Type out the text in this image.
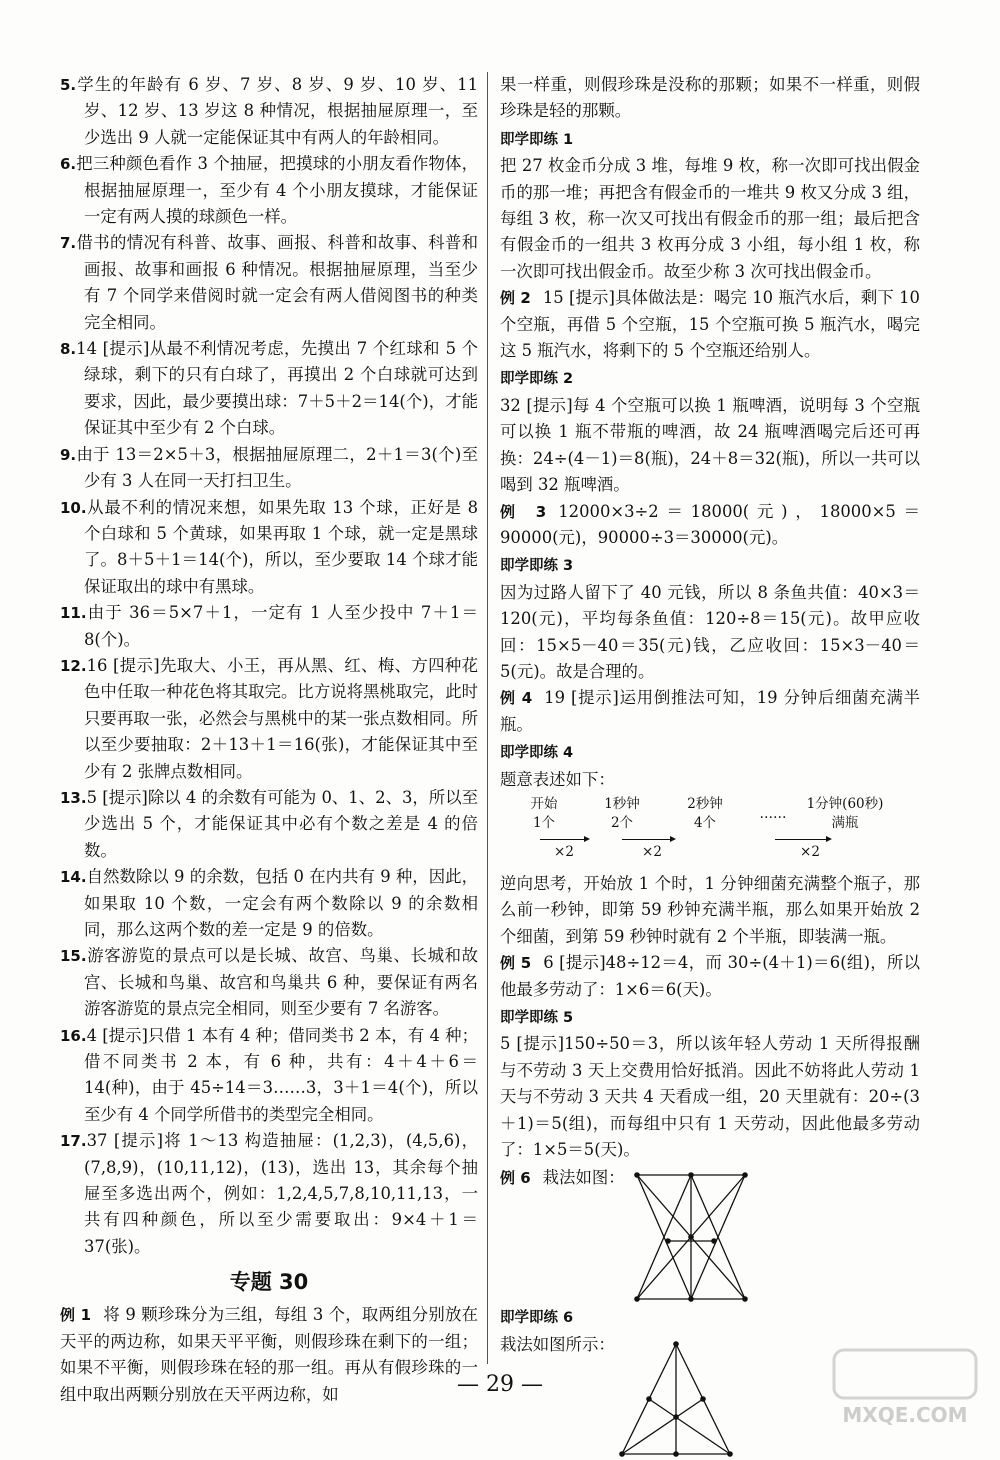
5.学生的年龄有 6 岁、7 岁、8 岁、9 岁、10 岁、11 岁、12 岁、13 岁这 8 种情况，根据抽屉原理一，至少选出 9 人就一定能保证其中有两人的年龄相同。

6.把三种颜色看作 3 个抽屉，把摸球的小朋友看作物体，根据抽屉原理一，至少有 4 个小朋友摸球，才能保证一定有两人摸的球颜色一样。

7.借书的情况有科普、故事、画报、科普和故事、科普和画报、故事和画报 6 种情况。根据抽屉原理，当至少有 7 个同学来借阅时就一定会有两人借阅图书的种类完全相同。

8.14 [提示]从最不利情况考虑，先摸出 7 个红球和 5 个绿球，剩下的只有白球了，再摸出 2 个白球就可达到要求，因此，最少要摸出球：7＋5＋2＝14(个)，才能保证其中至少有 2 个白球。

9.由于 13＝2×5＋3，根据抽屉原理二，2＋1＝3(个)至少有 3 人在同一天打扫卫生。

10.从最不利的情况来想，如果先取 13 个球，正好是 8 个白球和 5 个黄球，如果再取 1 个球，就一定是黑球了。8＋5＋1＝14(个)，所以，至少要取 14 个球才能保证取出的球中有黑球。

11.由于 36＝5×7＋1，一定有 1 人至少投中 7＋1＝8(个)。

12.16 [提示]先取大、小王，再从黑、红、梅、方四种花色中任取一种花色将其取完。比方说将黑桃取完，此时只要再取一张，必然会与黑桃中的某一张点数相同。所以至少要抽取：2＋13＋1＝16(张)，才能保证其中至少有 2 张牌点数相同。

13.5 [提示]除以 4 的余数有可能为 0、1、2、3，所以至少选出 5 个，才能保证其中必有个数之差是 4 的倍数。

14.自然数除以 9 的余数，包括 0 在内共有 9 种，因此，如果取 10 个数，一定会有两个数除以 9 的余数相同，那么这两个数的差一定是 9 的倍数。

15.游客游览的景点可以是长城、故宫、鸟巢、长城和故宫、长城和鸟巢、故宫和鸟巢共 6 种，要保证有两名游客游览的景点完全相同，则至少要有 7 名游客。

16.4 [提示]只借 1 本有 4 种；借同类书 2 本，有 4 种；借不同类书 2 本，有 6 种，共有：4＋4＋6＝14(种)，由于 45÷14＝3……3，3＋1＝4(个)，所以至少有 4 个同学所借书的类型完全相同。

17.37 [提示]将 1～13 构造抽屉：(1,2,3)，(4,5,6)，(7,8,9)，(10,11,12)，(13)，选出 13，其余每个抽屉至多选出两个，例如：1,2,4,5,7,8,10,11,13，一共有四种颜色，所以至少需要取出：9×4＋1＝37(张)。

专题 30

例 1 将 9 颗珍珠分为三组，每组 3 个，取两组分别放在天平的两边称，如果天平平衡，则假珍珠在剩下的一组；如果不平衡，则假珍珠在轻的那一组。再从有假珍珠的一组中取出两颗分别放在天平两边称，如

果一样重，则假珍珠是没称的那颗；如果不一样重，则假珍珠是轻的那颗。

即学即练 1

把 27 枚金币分成 3 堆，每堆 9 枚，称一次即可找出假金币的那一堆；再把含有假金币的一堆共 9 枚又分成 3 组，每组 3 枚，称一次又可找出有假金币的那一组；最后把含有假金币的一组共 3 枚再分成 3 小组，每小组 1 枚，称一次即可找出假金币。故至少称 3 次可找出假金币。

例 2 15 [提示]具体做法是：喝完 10 瓶汽水后，剩下 10 个空瓶，再借 5 个空瓶，15 个空瓶可换 5 瓶汽水，喝完这 5 瓶汽水，将剩下的 5 个空瓶还给别人。

即学即练 2

32 [提示]每 4 个空瓶可以换 1 瓶啤酒，说明每 3 个空瓶可以换 1 瓶不带瓶的啤酒，故 24 瓶啤酒喝完后还可再换：24÷(4－1)＝8(瓶)，24＋8＝32(瓶)，所以一共可以喝到 32 瓶啤酒。

例 3 12000×3÷2＝18000(元)，18000×5＝90000(元)，90000÷3＝30000(元)。

即学即练 3

因为过路人留下了 40 元钱，所以 8 条鱼共值：40×3＝120(元)，平均每条鱼值：120÷8＝15(元)。故甲应收回：15×5－40＝35(元)钱，乙应收回：15×3－40＝5(元)。故是合理的。

例 4 19 [提示]运用倒推法可知，19 分钟后细菌充满半瓶。

即学即练 4

题意表述如下：

开始
1个
1秒钟
2个
2秒钟
4个
……
1分钟(60秒)
满瓶
×2	×2	×2

逆向思考，开始放 1 个时，1 分钟细菌充满整个瓶子，那么前一秒钟，即第 59 秒钟充满半瓶，那么如果开始放 2 个细菌，到第 59 秒钟时就有 2 个半瓶，即装满一瓶。

例 5 6 [提示]48÷12＝4，而 30÷(4＋1)＝6(组)，所以他最多劳动了：1×6＝6(天)。

即学即练 5

5 [提示]150÷50＝3，所以该年轻人劳动 1 天所得报酬与不劳动 3 天上交费用恰好抵消。因此不妨将此人劳动 1 天与不劳动 3 天共 4 天看成一组，20 天里就有：20÷(3＋1)＝5(组)，而每组中只有 1 天劳动，因此他最多劳动了：1×5＝5(天)。

例 6 栽法如图：

即学即练 6

栽法如图所示：

— 29 —
MXQE.COM
